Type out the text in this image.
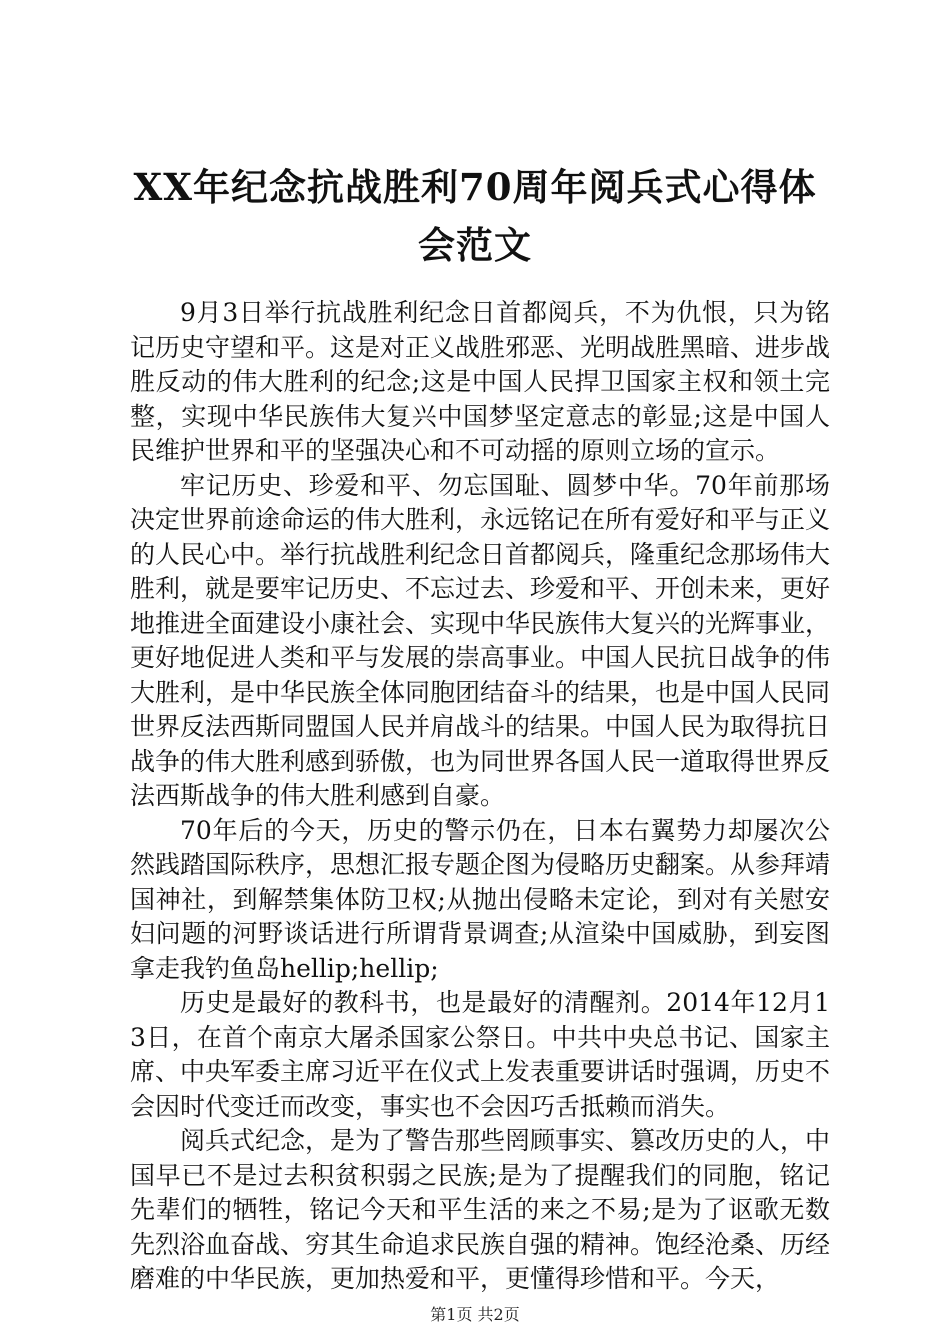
XX年纪念抗战胜利70周年阅兵式心得体会范文

9月3日举行抗战胜利纪念日首都阅兵，不为仇恨，只为铭记历史守望和平。这是对正义战胜邪恶、光明战胜黑暗、进步战胜反动的伟大胜利的纪念;这是中国人民捍卫国家主权和领土完整，实现中华民族伟大复兴中国梦坚定意志的彰显;这是中国人民维护世界和平的坚强决心和不可动摇的原则立场的宣示。

牢记历史、珍爱和平、勿忘国耻、圆梦中华。70年前那场决定世界前途命运的伟大胜利，永远铭记在所有爱好和平与正义的人民心中。举行抗战胜利纪念日首都阅兵，隆重纪念那场伟大胜利，就是要牢记历史、不忘过去、珍爱和平、开创未来，更好地推进全面建设小康社会、实现中华民族伟大复兴的光辉事业，更好地促进人类和平与发展的崇高事业。中国人民抗日战争的伟大胜利，是中华民族全体同胞团结奋斗的结果，也是中国人民同世界反法西斯同盟国人民并肩战斗的结果。中国人民为取得抗日战争的伟大胜利感到骄傲，也为同世界各国人民一道取得世界反法西斯战争的伟大胜利感到自豪。

70年后的今天，历史的警示仍在，日本右翼势力却屡次公然践踏国际秩序，思想汇报专题企图为侵略历史翻案。从参拜靖国神社，到解禁集体防卫权;从抛出侵略未定论，到对有关慰安妇问题的河野谈话进行所谓背景调查;从渲染中国威胁，到妄图拿走我钓鱼岛hellip;hellip;

历史是最好的教科书，也是最好的清醒剂。2014年12月13日，在首个南京大屠杀国家公祭日。中共中央总书记、国家主席、中央军委主席习近平在仪式上发表重要讲话时强调，历史不会因时代变迁而改变，事实也不会因巧舌抵赖而消失。

阅兵式纪念，是为了警告那些罔顾事实、篡改历史的人，中国早已不是过去积贫积弱之民族;是为了提醒我们的同胞，铭记先辈们的牺牲，铭记今天和平生活的来之不易;是为了讴歌无数先烈浴血奋战、穷其生命追求民族自强的精神。饱经沧桑、历经磨难的中华民族，更加热爱和平，更懂得珍惜和平。今天，

第1页 共2页
